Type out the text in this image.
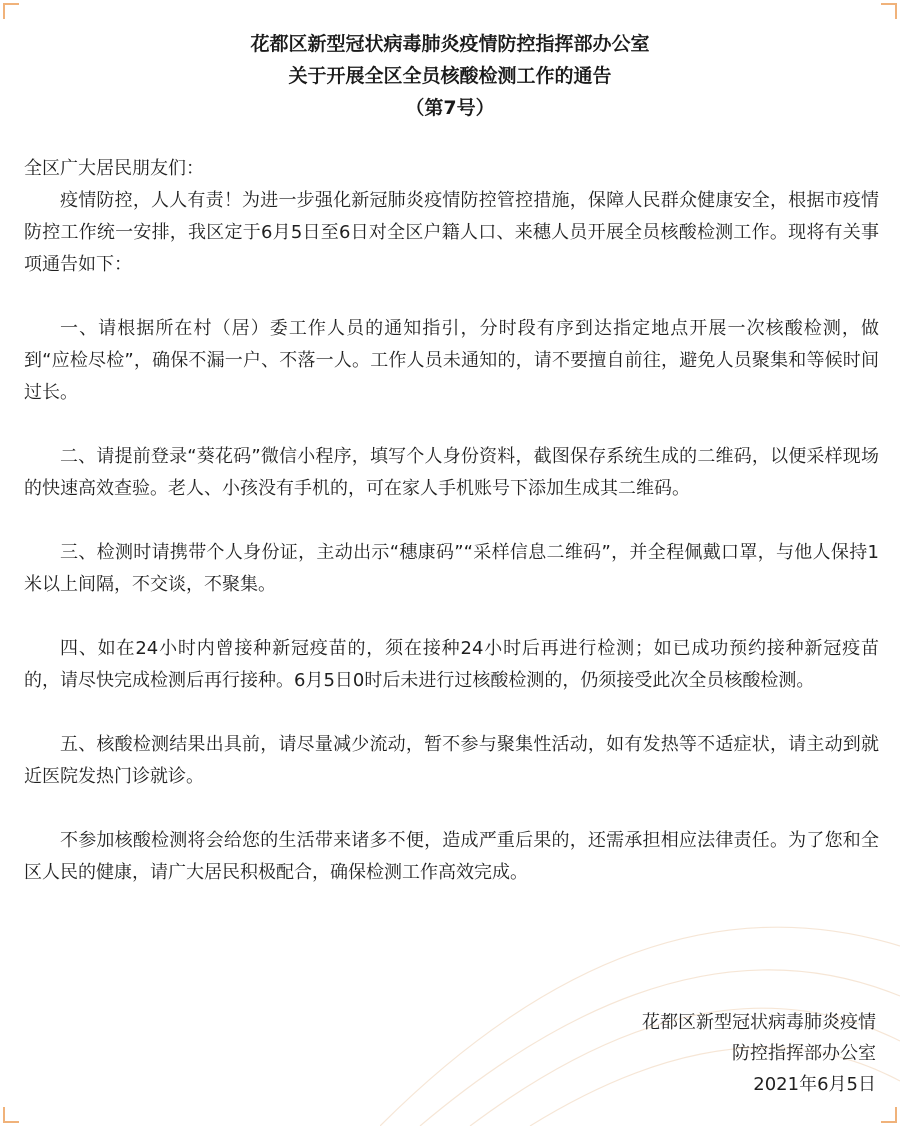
花都区新型冠状病毒肺炎疫情防控指挥部办公室
关于开展全区全员核酸检测工作的通告
（第7号）

全区广大居民朋友们：

疫情防控，人人有责！为进一步强化新冠肺炎疫情防控管控措施，保障人民群众健康安全，根据市疫情防控工作统一安排，我区定于6月5日至6日对全区户籍人口、来穗人员开展全员核酸检测工作。现将有关事项通告如下：

一、请根据所在村（居）委工作人员的通知指引，分时段有序到达指定地点开展一次核酸检测，做到“应检尽检”，确保不漏一户、不落一人。工作人员未通知的，请不要擅自前往，避免人员聚集和等候时间过长。

二、请提前登录“葵花码”微信小程序，填写个人身份资料，截图保存系统生成的二维码，以便采样现场的快速高效查验。老人、小孩没有手机的，可在家人手机账号下添加生成其二维码。

三、检测时请携带个人身份证，主动出示“穗康码”“采样信息二维码”，并全程佩戴口罩，与他人保持1米以上间隔，不交谈，不聚集。

四、如在24小时内曾接种新冠疫苗的，须在接种24小时后再进行检测；如已成功预约接种新冠疫苗的，请尽快完成检测后再行接种。6月5日0时后未进行过核酸检测的，仍须接受此次全员核酸检测。

五、核酸检测结果出具前，请尽量减少流动，暂不参与聚集性活动，如有发热等不适症状，请主动到就近医院发热门诊就诊。

不参加核酸检测将会给您的生活带来诸多不便，造成严重后果的，还需承担相应法律责任。为了您和全区人民的健康，请广大居民积极配合，确保检测工作高效完成。

花都区新型冠状病毒肺炎疫情
防控指挥部办公室
2021年6月5日
